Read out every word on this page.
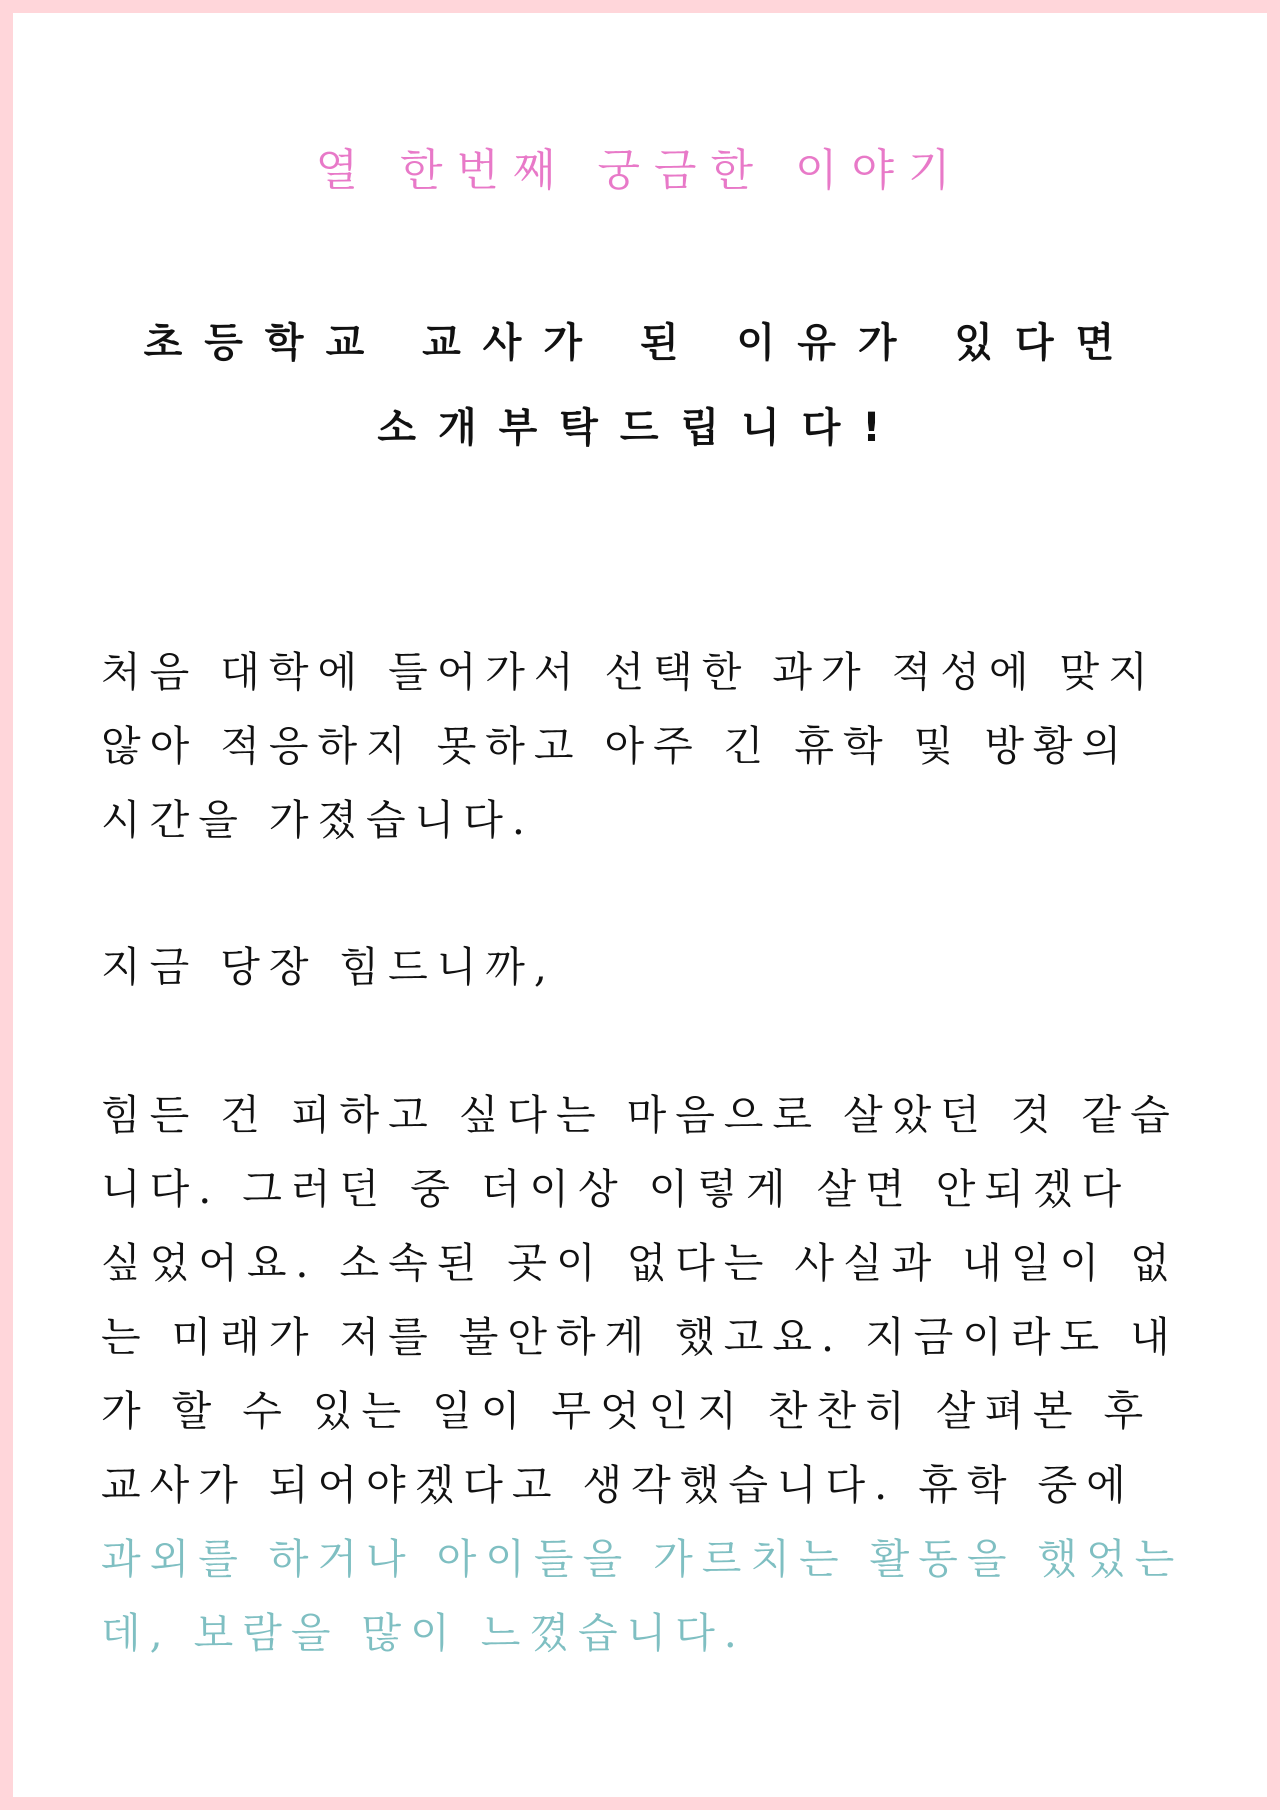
열 한번째 궁금한 이야기
초등학교 교사가 된 이유가 있다면
소개부탁드립니다!

처음 대학에 들어가서 선택한 과가 적성에 맞지
않아 적응하지 못하고 아주 긴 휴학 및 방황의
시간을 가졌습니다.

지금 당장 힘드니까,

힘든 건 피하고 싶다는 마음으로 살았던 것 같습
니다. 그러던 중 더이상 이렇게 살면 안되겠다
싶었어요. 소속된 곳이 없다는 사실과 내일이 없
는 미래가 저를 불안하게 했고요. 지금이라도 내
가 할 수 있는 일이 무엇인지 찬찬히 살펴본 후
교사가 되어야겠다고 생각했습니다. 휴학 중에
과외를 하거나 아이들을 가르치는 활동을 했었는
데, 보람을 많이 느꼈습니다.
